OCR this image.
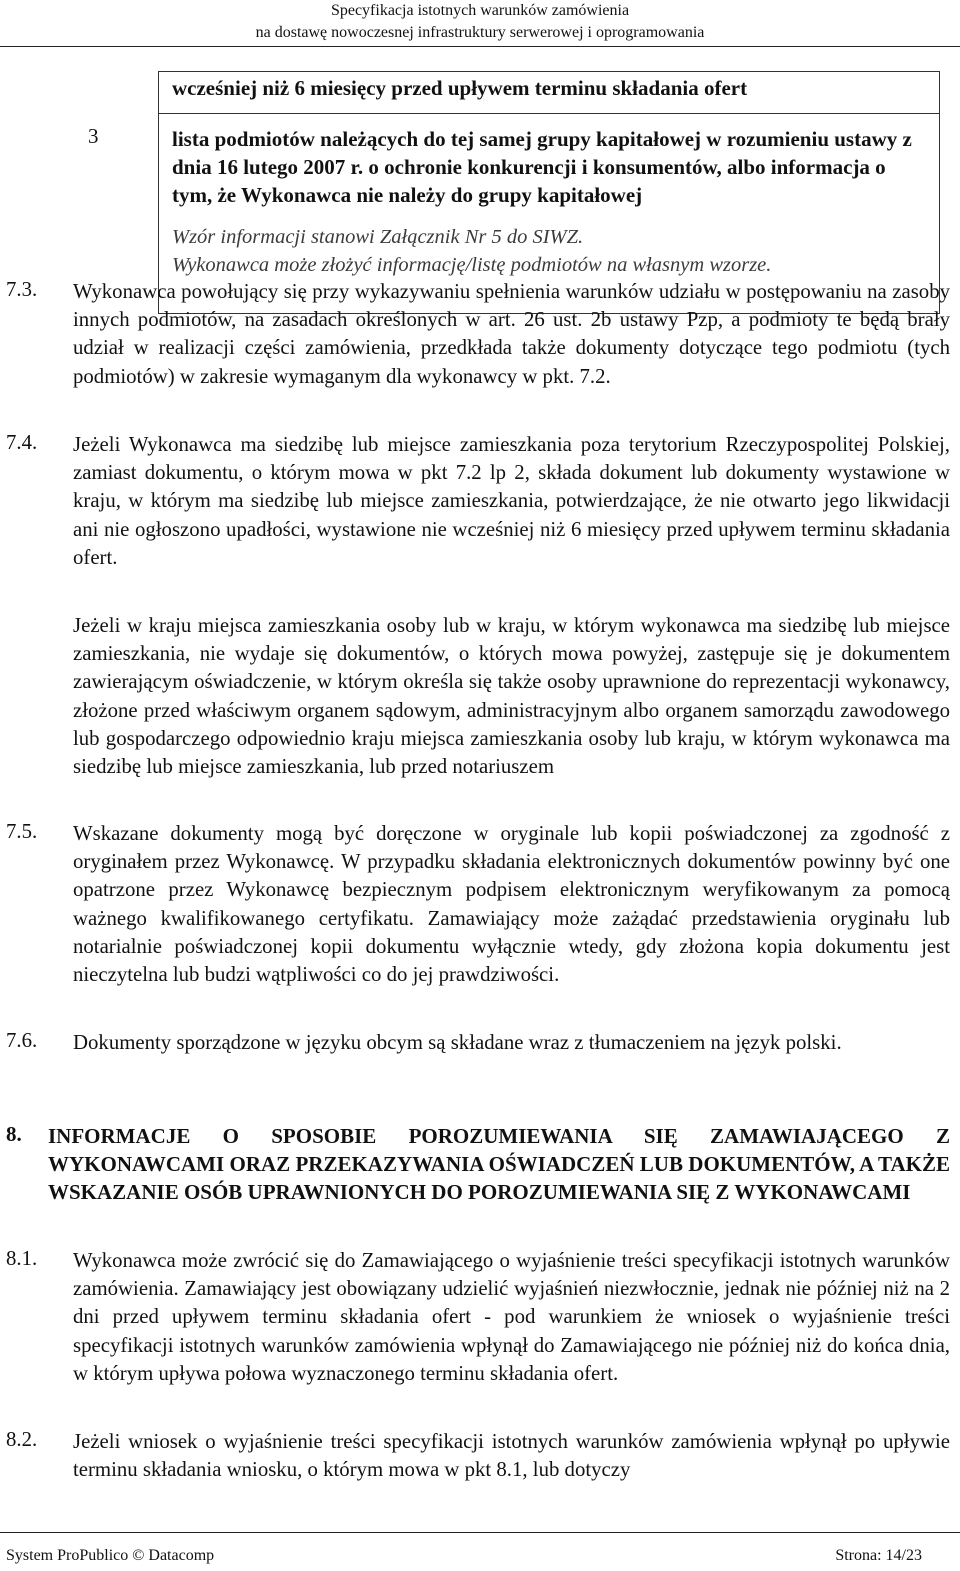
Specyfikacja istotnych warunków zamówienia
na dostawę nowoczesnej infrastruktury serwerowej i oprogramowania
	wcześniej niż 6 miesięcy przed upływem terminu składania ofert

3	lista podmiotów należących do tej samej grupy kapitałowej w rozumieniu ustawy z dnia 16 lutego 2007 r. o ochronie konkurencji i konsumentów, albo informacja o tym, że Wykonawca nie należy do grupy kapitałowej
Wzór informacji stanowi Załącznik Nr 5 do SIWZ.
Wykonawca może złożyć informację/listę podmiotów na własnym wzorze.
7.3. Wykonawca powołujący się przy wykazywaniu spełnienia warunków udziału w postępowaniu na zasoby innych podmiotów, na zasadach określonych w art. 26 ust. 2b ustawy Pzp, a podmioty te będą brały udział w realizacji części zamówienia, przedkłada także dokumenty dotyczące tego podmiotu (tych podmiotów) w zakresie wymaganym dla wykonawcy w pkt. 7.2.
7.4. Jeżeli Wykonawca ma siedzibę lub miejsce zamieszkania poza terytorium Rzeczypospolitej Polskiej, zamiast dokumentu, o którym mowa w pkt 7.2 lp 2, składa dokument lub dokumenty wystawione w kraju, w którym ma siedzibę lub miejsce zamieszkania, potwierdzające, że nie otwarto jego likwidacji ani nie ogłoszono upadłości, wystawione nie wcześniej niż 6 miesięcy przed upływem terminu składania ofert.
Jeżeli w kraju miejsca zamieszkania osoby lub w kraju, w którym wykonawca ma siedzibę lub miejsce zamieszkania, nie wydaje się dokumentów, o których mowa powyżej, zastępuje się je dokumentem zawierającym oświadczenie, w którym określa się także osoby uprawnione do reprezentacji wykonawcy, złożone przed właściwym organem sądowym, administracyjnym albo organem samorządu zawodowego lub gospodarczego odpowiednio kraju miejsca zamieszkania osoby lub kraju, w którym wykonawca ma siedzibę lub miejsce zamieszkania, lub przed notariuszem
7.5. Wskazane dokumenty mogą być doręczone w oryginale lub kopii poświadczonej za zgodność z oryginałem przez Wykonawcę. W przypadku składania elektronicznych dokumentów powinny być one opatrzone przez Wykonawcę bezpiecznym podpisem elektronicznym weryfikowanym za pomocą ważnego kwalifikowanego certyfikatu. Zamawiający może zażądać przedstawienia oryginału lub notarialnie poświadczonej kopii dokumentu wyłącznie wtedy, gdy złożona kopia dokumentu jest nieczytelna lub budzi wątpliwości co do jej prawdziwości.
7.6. Dokumenty sporządzone w języku obcym są składane wraz z tłumaczeniem na język polski.
8. INFORMACJE O SPOSOBIE POROZUMIEWANIA SIĘ ZAMAWIAJĄCEGO Z WYKONAWCAMI ORAZ PRZEKAZYWANIA OŚWIADCZEŃ LUB DOKUMENTÓW, A TAKŻE WSKAZANIE OSÓB UPRAWNIONYCH DO POROZUMIEWANIA SIĘ Z WYKONAWCAMI
8.1. Wykonawca może zwrócić się do Zamawiającego o wyjaśnienie treści specyfikacji istotnych warunków zamówienia. Zamawiający jest obowiązany udzielić wyjaśnień niezwłocznie, jednak nie później niż na 2 dni przed upływem terminu składania ofert - pod warunkiem że wniosek o wyjaśnienie treści specyfikacji istotnych warunków zamówienia wpłynął do Zamawiającego nie później niż do końca dnia, w którym upływa połowa wyznaczonego terminu składania ofert.
8.2. Jeżeli wniosek o wyjaśnienie treści specyfikacji istotnych warunków zamówienia wpłynął po upływie terminu składania wniosku, o którym mowa w pkt 8.1, lub dotyczy
System ProPublico © Datacomp	Strona: 14/23
